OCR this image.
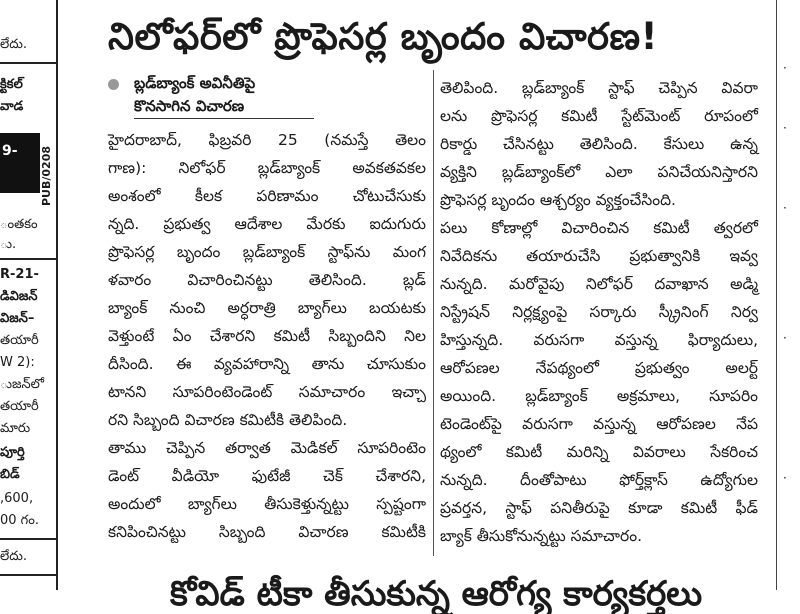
లేదు.
క్టికల్
వాడ
9- PUB/0208
ంతకం
ు.
R-21-
డివిజన్
విజన్–
తయారీ
W 2):
ుజన్‌లో
తయారీ
మారు
పూర్తి
బిడ్
,600,
00 గం.
లేదు.
నిలోఫర్‌లో ప్రొఫెసర్ల బృందం విచారణ!
బ్లడ్‌బ్యాంక్ అవినీతిపై
కొనసాగిన విచారణ
హైదరాబాద్, ఫిబ్రవరి 25 (నమస్తే తెలం
గాణ): నిలోఫర్ బ్లడ్‌బ్యాంక్ అవకతవకల
అంశంలో కీలక పరిణామం చోటుచేసుకు
న్నది. ప్రభుత్వ ఆదేశాల మేరకు ఐదుగురు
ప్రొఫెసర్ల బృందం బ్లడ్‌బ్యాంక్ స్టాఫ్‌ను మంగ
ళవారం విచారించినట్టు తెలిసింది. బ్లడ్
బ్యాంక్ నుంచి అర్ధరాత్రి బ్యాగ్‌లు బయటకు
వెళ్తుంటే ఏం చేశారని కమిటీ సిబ్బందిని నిల
దీసింది. ఈ వ్యవహారాన్ని తాను చూసుకుం
టానని సూపరింటెండెంట్ సమాచారం ఇచ్చా
రని సిబ్బంది విచారణ కమిటీకి తెలిపింది.
తాము చెప్పిన తర్వాత మెడికల్ సూపరింటెం
డెంట్ వీడియో ఫుటేజీ చెక్ చేశారని,
అందులో బ్యాగ్‌లు తీసుకెళ్తున్నట్టు స్పష్టంగా
కనిపించినట్టు సిబ్బంది విచారణ కమిటీకి
తెలిపింది. బ్లడ్‌బ్యాంక్ స్టాఫ్ చెప్పిన వివరా
లను ప్రొఫెసర్ల కమిటీ స్టేట్‌మెంట్ రూపంలో
రికార్డు చేసినట్టు తెలిసింది. కేసులు ఉన్న
వ్యక్తిని బ్లడ్‌బ్యాంక్‌లో ఎలా పనిచేయనిస్తారని
ప్రొఫెసర్ల బృందం ఆశ్చర్యం వ్యక్తంచేసింది.
పలు కోణాల్లో విచారించిన కమిటీ త్వరలో
నివేదికను తయారుచేసి ప్రభుత్వానికి ఇవ్వ
నున్నది. మరోవైపు నిలోఫర్ దవాఖాన అడ్మి
నిస్ట్రేషన్ నిర్లక్ష్యంపై సర్కారు స్క్రీనింగ్ నిర్వ
హిస్తున్నది. వరుసగా వస్తున్న ఫిర్యాదులు,
ఆరోపణల నేపథ్యంలో ప్రభుత్వం అలర్ట్
అయింది. బ్లడ్‌బ్యాంక్ అక్రమాలు, సూపరిం
టెండెంట్‌పై వరుసగా వస్తున్న ఆరోపణల నేప
థ్యంలో కమిటీ మరిన్ని వివరాలు సేకరించ
నున్నది. దీంతోపాటు ఫోర్త్‌క్లాస్ ఉద్యోగుల
ప్రవర్తన, స్టాఫ్ పనితీరుపై కూడా కమిటీ ఫీడ్
బ్యాక్ తీసుకోనున్నట్టు సమాచారం.
కోవిడ్ టీకా తీసుకున్న ఆరోగ్య కార్యకర్తలు
·
·
·
·
·
